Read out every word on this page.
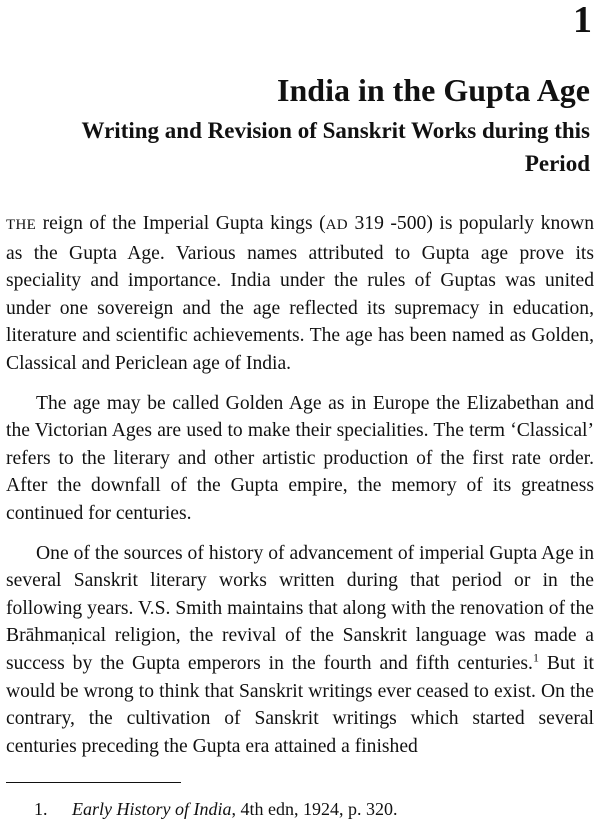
1
India in the Gupta Age
Writing and Revision of Sanskrit Works during this Period

THE reign of the Imperial Gupta kings (AD 319 -500) is popularly known as the Gupta Age. Various names attributed to Gupta age prove its speciality and importance. India under the rules of Guptas was united under one sovereign and the age reflected its supremacy in education, literature and scientific achievements. The age has been named as Golden, Classical and Periclean age of India.

The age may be called Golden Age as in Europe the Elizabethan and the Victorian Ages are used to make their specialities. The term ‘Classical’ refers to the literary and other artistic production of the first rate order. After the downfall of the Gupta empire, the memory of its greatness continued for centuries.

One of the sources of history of advancement of imperial Gupta Age in several Sanskrit literary works written during that period or in the following years. V.S. Smith maintains that along with the renovation of the Brāhmaṇical religion, the revival of the Sanskrit language was made a success by the Gupta emperors in the fourth and fifth centuries.$^1$ But it would be wrong to think that Sanskrit writings ever ceased to exist. On the contrary, the cultivation of Sanskrit writings which started several centuries preceding the Gupta era attained a finished

1. Early History of India, 4th edn, 1924, p. 320.
